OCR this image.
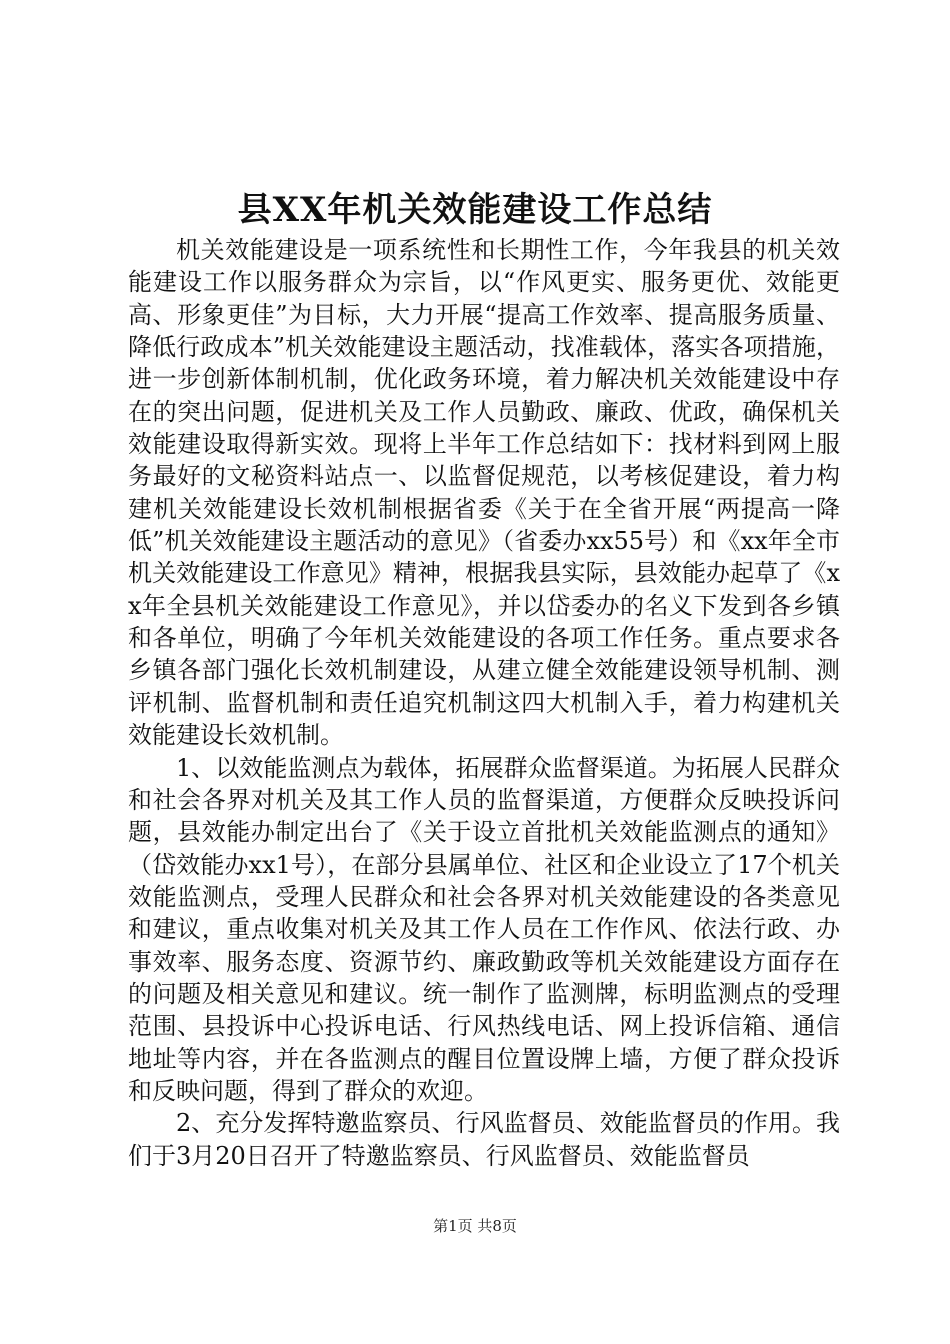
县XX年机关效能建设工作总结

机关效能建设是一项系统性和长期性工作，今年我县的机关效能建设工作以服务群众为宗旨，以“作风更实、服务更优、效能更高、形象更佳”为目标，大力开展“提高工作效率、提高服务质量、降低行政成本”机关效能建设主题活动，找准载体，落实各项措施，进一步创新体制机制，优化政务环境，着力解决机关效能建设中存在的突出问题，促进机关及工作人员勤政、廉政、优政，确保机关效能建设取得新实效。现将上半年工作总结如下：找材料到网上服务最好的文秘资料站点一、以监督促规范，以考核促建设，着力构建机关效能建设长效机制根据省委《关于在全省开展“两提高一降低”机关效能建设主题活动的意见》（省委办xx55号）和《xx年全市机关效能建设工作意见》精神，根据我县实际，县效能办起草了《xx年全县机关效能建设工作意见》，并以岱委办的名义下发到各乡镇和各单位，明确了今年机关效能建设的各项工作任务。重点要求各乡镇各部门强化长效机制建设，从建立健全效能建设领导机制、测评机制、监督机制和责任追究机制这四大机制入手，着力构建机关效能建设长效机制。

1、以效能监测点为载体，拓展群众监督渠道。为拓展人民群众和社会各界对机关及其工作人员的监督渠道，方便群众反映投诉问题，县效能办制定出台了《关于设立首批机关效能监测点的通知》（岱效能办xx1号），在部分县属单位、社区和企业设立了17个机关效能监测点，受理人民群众和社会各界对机关效能建设的各类意见和建议，重点收集对机关及其工作人员在工作作风、依法行政、办事效率、服务态度、资源节约、廉政勤政等机关效能建设方面存在的问题及相关意见和建议。统一制作了监测牌，标明监测点的受理范围、县投诉中心投诉电话、行风热线电话、网上投诉信箱、通信地址等内容，并在各监测点的醒目位置设牌上墙，方便了群众投诉和反映问题，得到了群众的欢迎。

2、充分发挥特邀监察员、行风监督员、效能监督员的作用。我们于3月20日召开了特邀监察员、行风监督员、效能监督员

第1页 共8页
